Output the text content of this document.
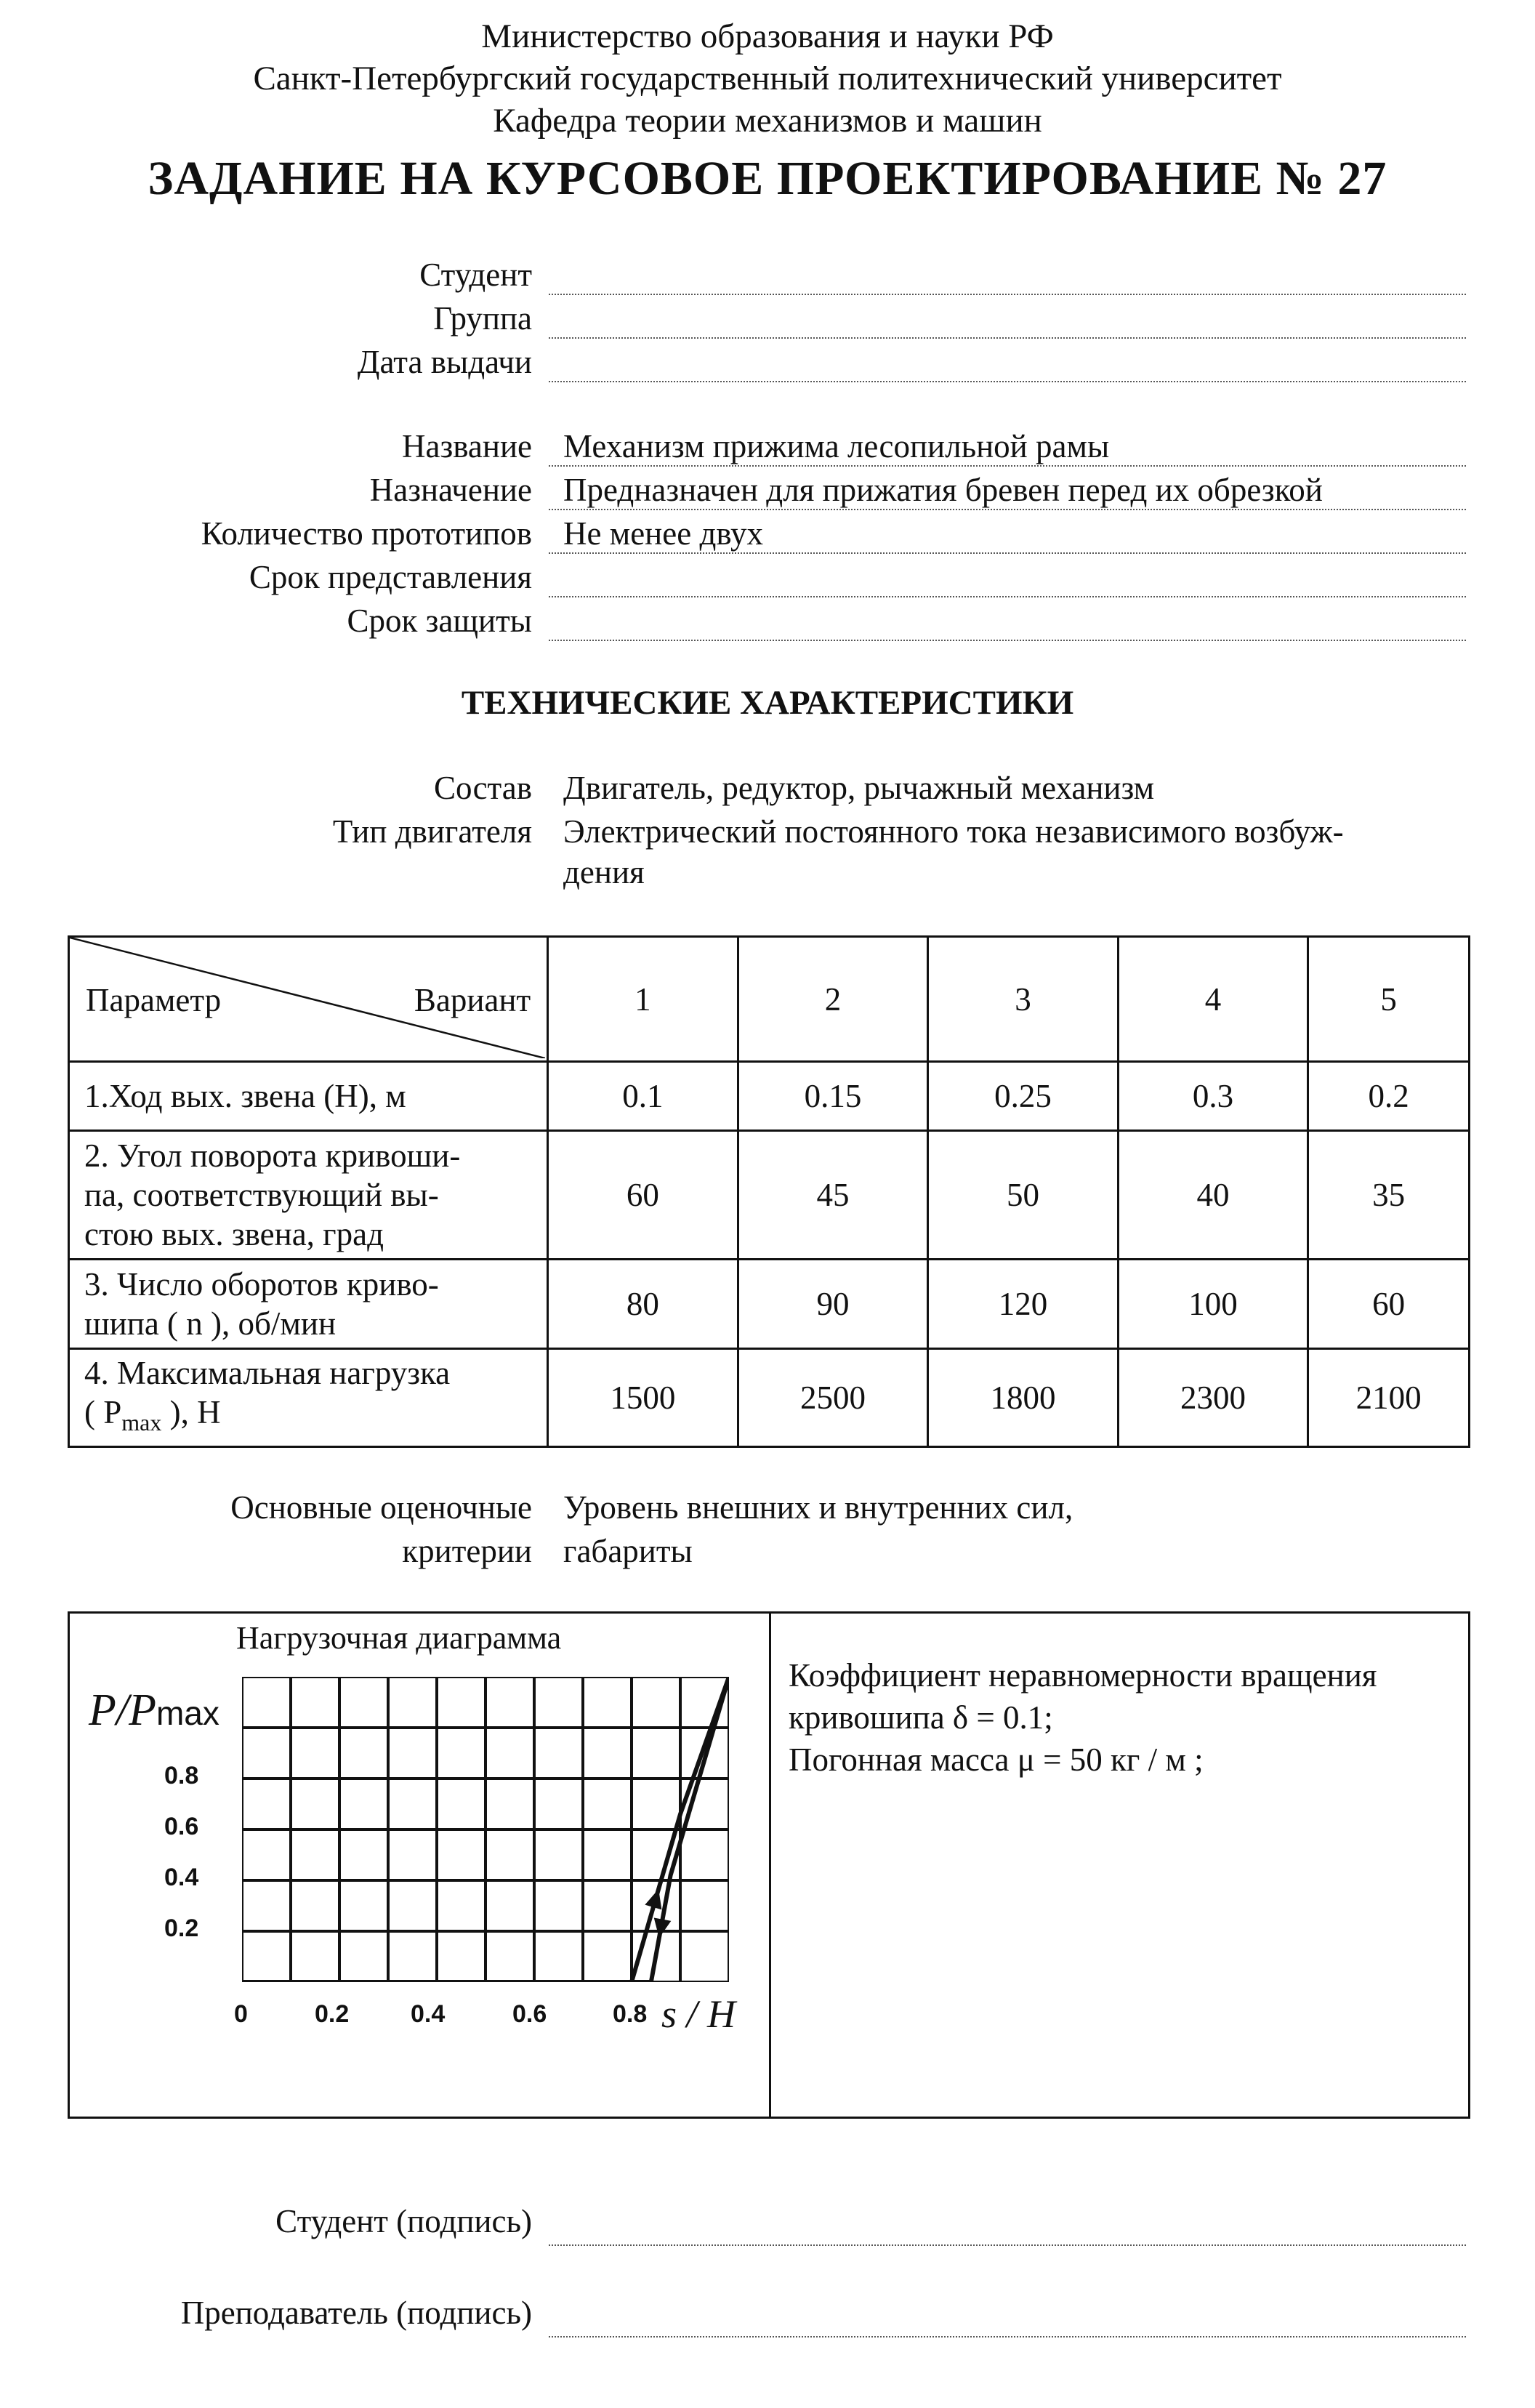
Министерство образования и науки РФ
Санкт-Петербургский государственный политехнический университет
Кафедра теории механизмов и машин
ЗАДАНИЕ НА КУРСОВОЕ ПРОЕКТИРОВАНИЕ № 27
Студент
Группа
Дата выдачи
Название Механизм прижима лесопильной рамы
Назначение Предназначен для прижатия бревен перед их обрезкой
Количество прототипов Не менее двух
Срок представления
Срок защиты
ТЕХНИЧЕСКИЕ ХАРАКТЕРИСТИКИ
Состав Двигатель, редуктор, рычажный механизм
Тип двигателя Электрический постоянного тока независимого возбуж-
дения
Параметр Вариант	1	2	3	4	5
1.Ход вых. звена (H), м	0.1	0.15	0.25	0.3	0.2

2. Угол поворота кривоши-
па, соответствующий вы-
стою вых. звена, град	60	45	50	40	35

3. Число оборотов криво-
шипа ( n ), об/мин	80	90	120	100	60

4. Максимальная нагрузка
( $P_{max}$ ), Н	1500	2500	1800	2300	2100
Основные оценочные
критерии
Уровень внешних и внутренних сил,
габариты
Нагрузочная диаграмма
P/Pmax
0.8
0.6
0.4
0.2
0	0.2 0.4	0.6	0.8 s / H
Коэффициент неравномерности вращения
кривошипа δ = 0.1;
Погонная масса μ = 50 кг / м ;
Студент (подпись)
Преподаватель (подпись)
